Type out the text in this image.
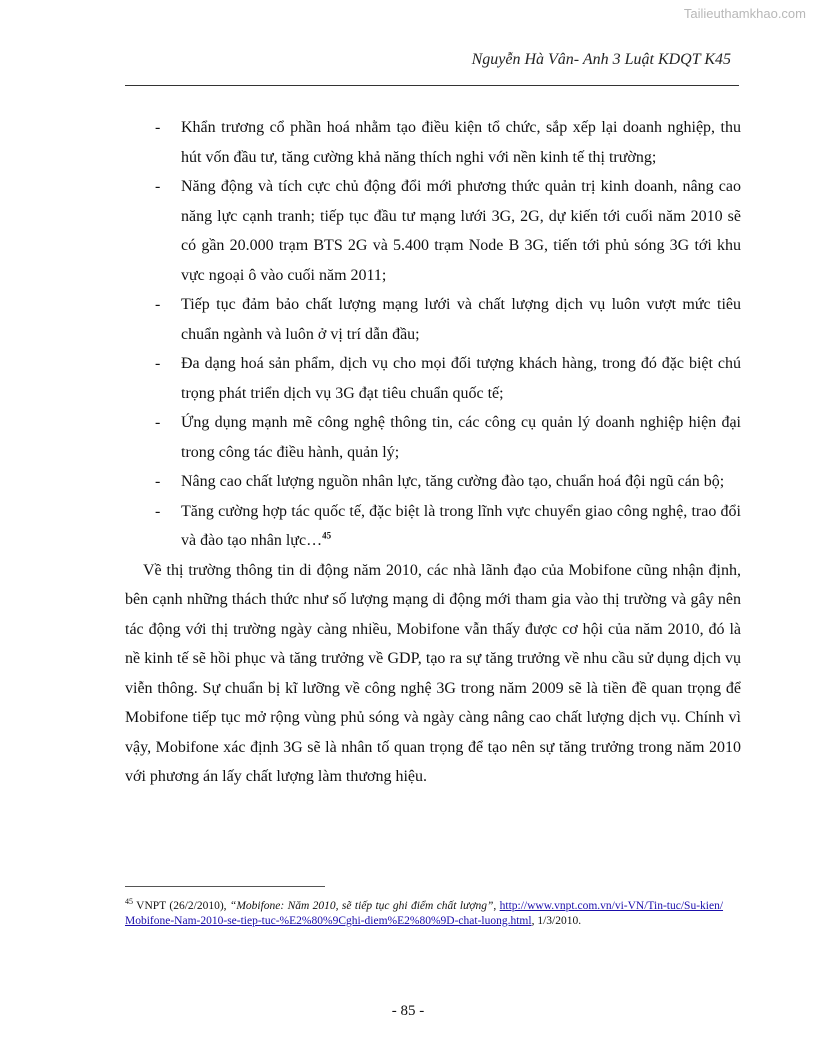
Tailieuthamkhao.com
Nguyễn Hà Vân- Anh 3 Luật KDQT K45
- Khẩn trương cổ phần hoá nhằm tạo điều kiện tổ chức, sắp xếp lại doanh nghiệp, thu hút vốn đầu tư, tăng cường khả năng thích nghi với nền kinh tế thị trường;
- Năng động và tích cực chủ động đổi mới phương thức quản trị kinh doanh, nâng cao năng lực cạnh tranh; tiếp tục đầu tư mạng lưới 3G, 2G, dự kiến tới cuối năm 2010 sẽ có gần 20.000 trạm BTS 2G và 5.400 trạm Node B 3G, tiến tới phủ sóng 3G tới khu vực ngoại ô vào cuối năm 2011;
- Tiếp tục đảm bảo chất lượng mạng lưới và chất lượng dịch vụ luôn vượt mức tiêu chuẩn ngành và luôn ở vị trí dẫn đầu;
- Đa dạng hoá sản phẩm, dịch vụ cho mọi đối tượng khách hàng, trong đó đặc biệt chú trọng phát triển dịch vụ 3G đạt tiêu chuẩn quốc tế;
- Ứng dụng mạnh mẽ công nghệ thông tin, các công cụ quản lý doanh nghiệp hiện đại trong công tác điều hành, quản lý;
- Nâng cao chất lượng nguồn nhân lực, tăng cường đào tạo, chuẩn hoá đội ngũ cán bộ;
- Tăng cường hợp tác quốc tế, đặc biệt là trong lĩnh vực chuyển giao công nghệ, trao đổi và đào tạo nhân lực…$^{45}$

Về thị trường thông tin di động năm 2010, các nhà lãnh đạo của Mobifone cũng nhận định, bên cạnh những thách thức như số lượng mạng di động mới tham gia vào thị trường và gây nên tác động với thị trường ngày càng nhiều, Mobifone vẫn thấy được cơ hội của năm 2010, đó là nề kinh tế sẽ hồi phục và tăng trưởng về GDP, tạo ra sự tăng trưởng về nhu cầu sử dụng dịch vụ viễn thông. Sự chuẩn bị kĩ lưỡng về công nghệ 3G trong năm 2009 sẽ là tiền đề quan trọng để Mobifone tiếp tục mở rộng vùng phủ sóng và ngày càng nâng cao chất lượng dịch vụ. Chính vì vậy, Mobifone xác định 3G sẽ là nhân tố quan trọng để tạo nên sự tăng trưởng trong năm 2010 với phương án lấy chất lượng làm thương hiệu.

$^{45}$ VNPT (26/2/2010), “Mobifone: Năm 2010, sẽ tiếp tục ghi điểm chất lượng”, http://www.vnpt.com.vn/vi-VN/Tin-tuc/Su-kien/Mobifone-Nam-2010-se-tiep-tuc-%E2%80%9Cghi-diem%E2%80%9D-chat-luong.html, 1/3/2010.
- 85 -
